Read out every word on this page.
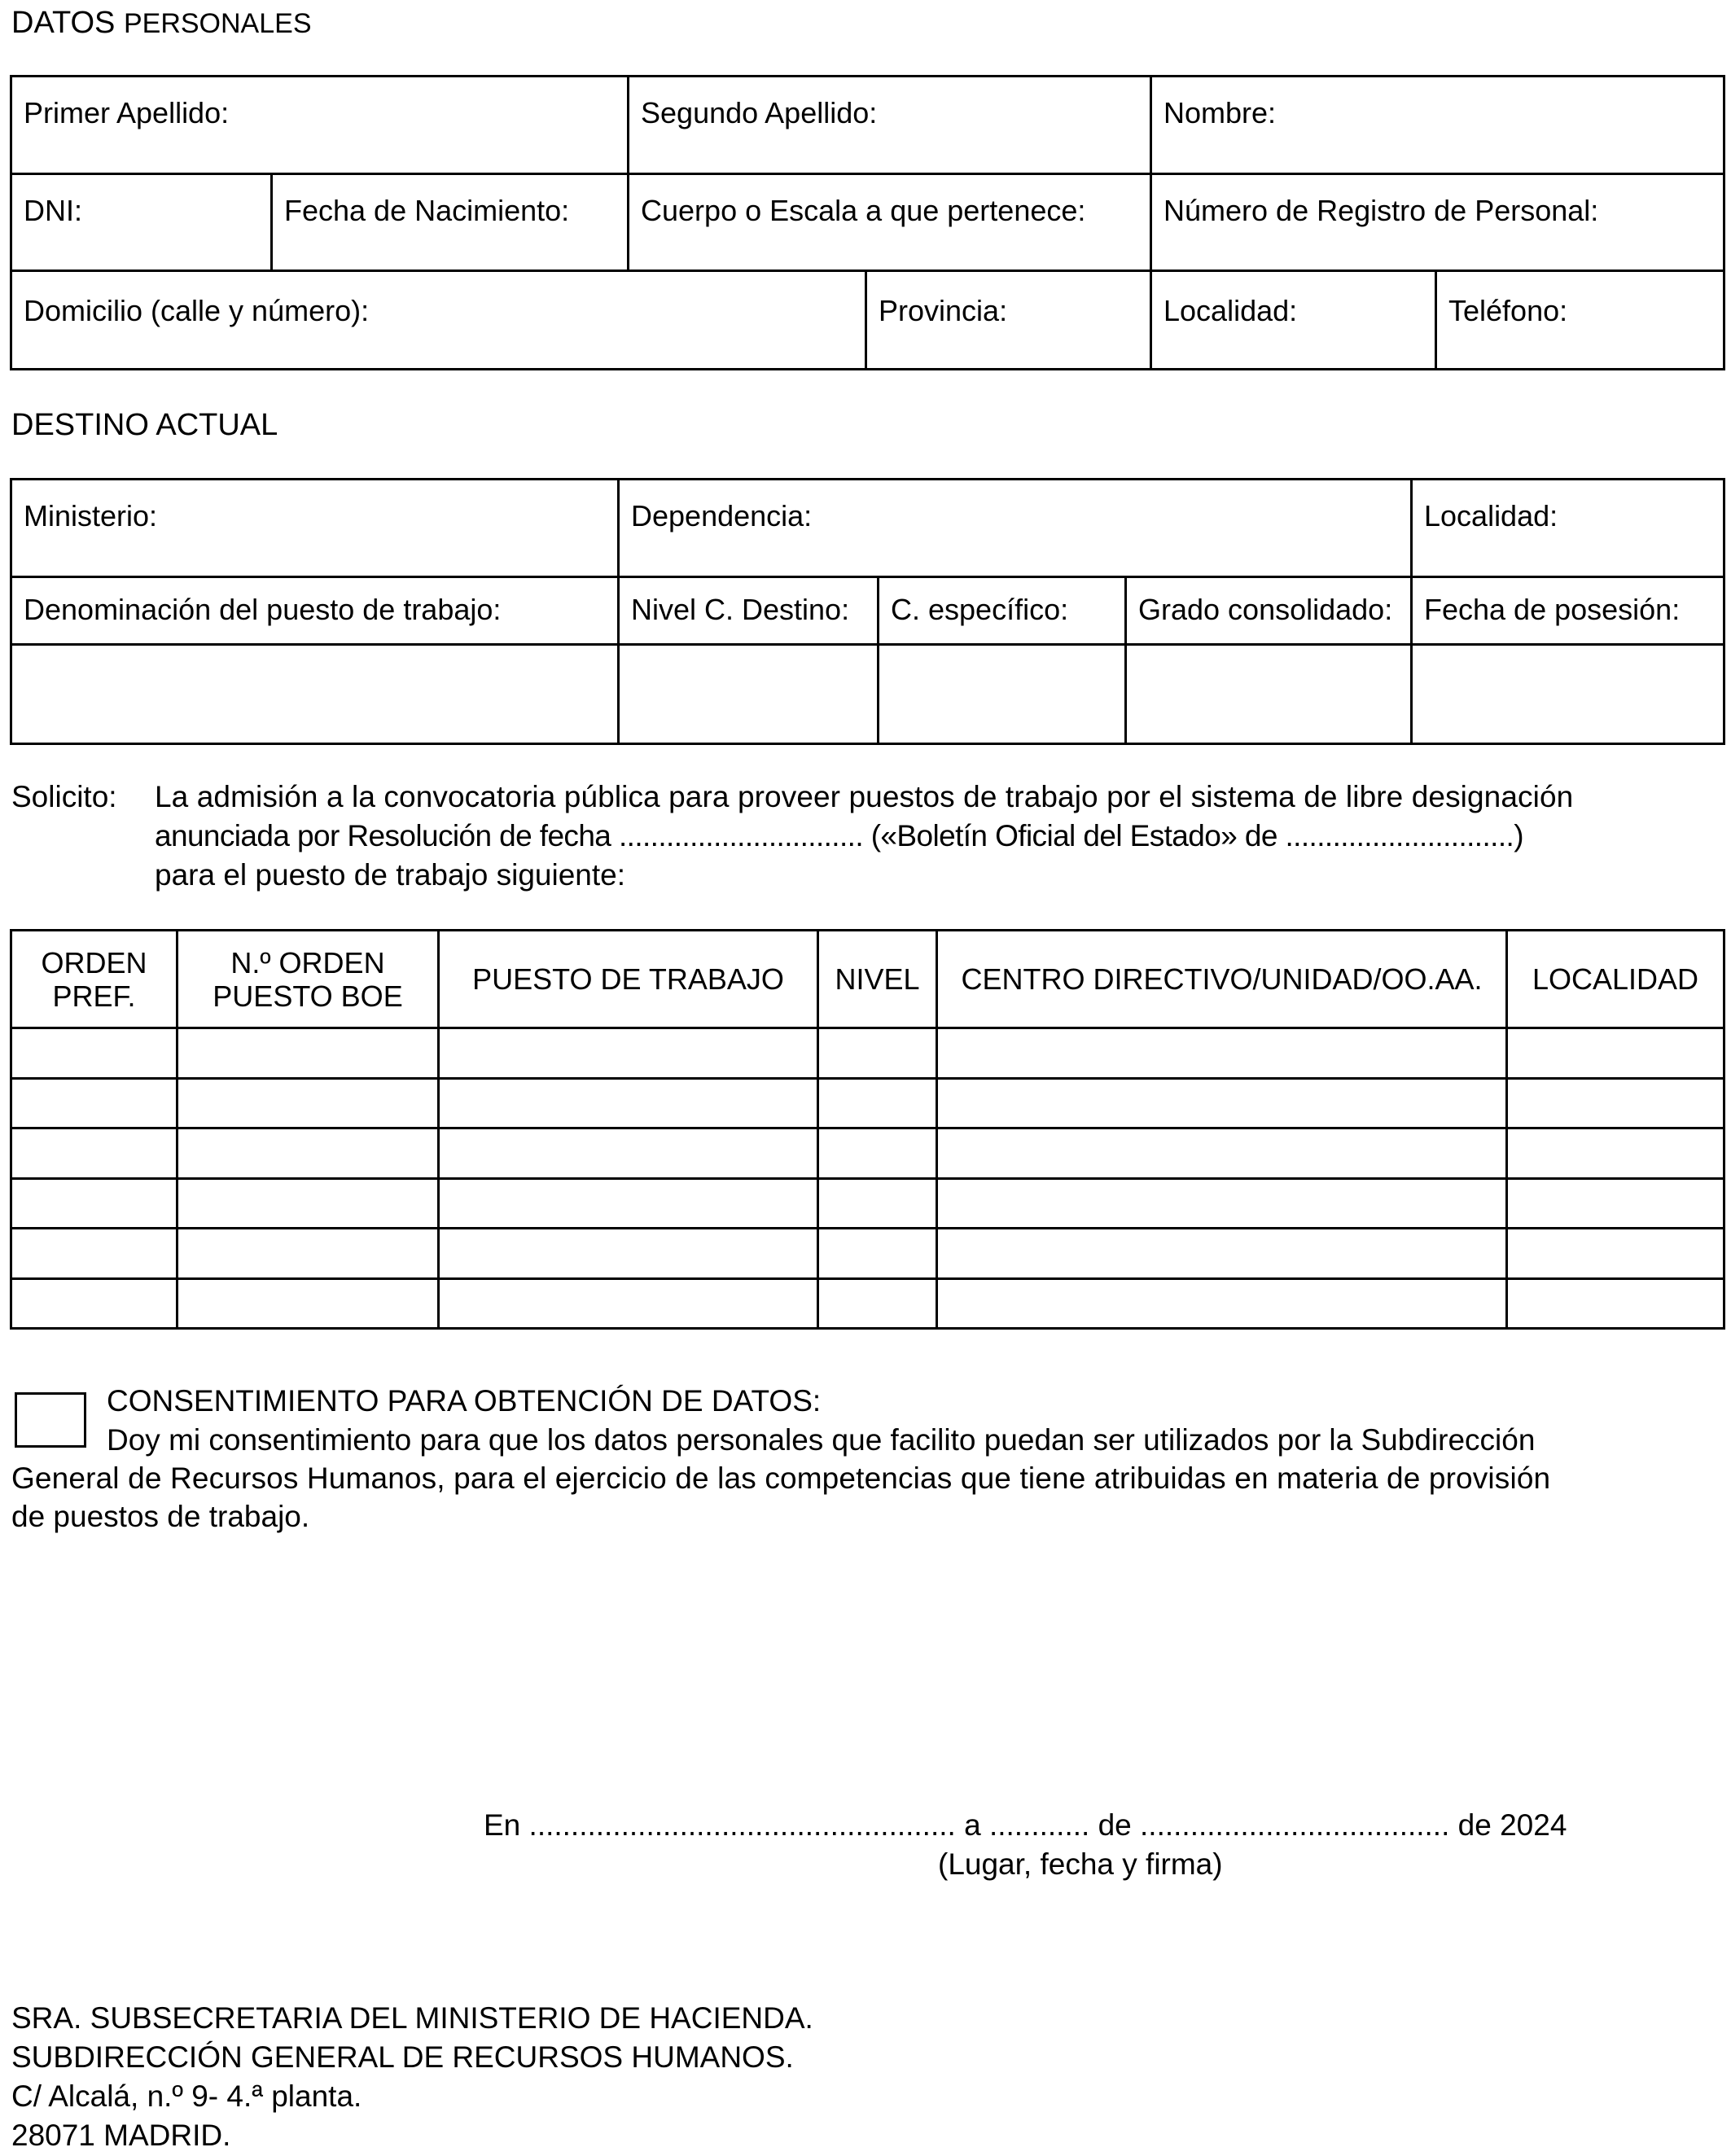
DATOS PERSONALES
Primer Apellido:		Segundo Apellido:		Nombre:	

DNI:	Fecha de Nacimiento:	Cuerpo o Escala a que pertenece:		Número de Registro de Personal:	

Domicilio (calle y número):			Provincia:	Localidad:	Teléfono:
DESTINO ACTUAL
Ministerio:	Dependencia:			Localidad:

Denominación del puesto de trabajo:	Nivel C. Destino:	C. específico:	Grado consolidado:	Fecha de posesión:

Solicito: La admisión a la convocatoria pública para proveer puestos de trabajo por el sistema de libre designación
anunciada por Resolución de fecha ............................... («Boletín Oficial del Estado» de .............................)
para el puesto de trabajo siguiente:
ORDEN PREF.	N.º ORDEN PUESTO BOE	PUESTO DE TRABAJO	NIVEL	CENTRO DIRECTIVO/UNIDAD/OO.AA.	LOCALIDAD

CONSENTIMIENTO PARA OBTENCIÓN DE DATOS:
Doy mi consentimiento para que los datos personales que facilito puedan ser utilizados por la Subdirección
General de Recursos Humanos, para el ejercicio de las competencias que tiene atribuidas en materia de provisión
de puestos de trabajo.
En ................................................... a ............ de ..................................... de 2024
(Lugar, fecha y firma)
SRA. SUBSECRETARIA DEL MINISTERIO DE HACIENDA.
SUBDIRECCIÓN GENERAL DE RECURSOS HUMANOS.
C/ Alcalá, n.º 9- 4.ª planta.
28071 MADRID.
